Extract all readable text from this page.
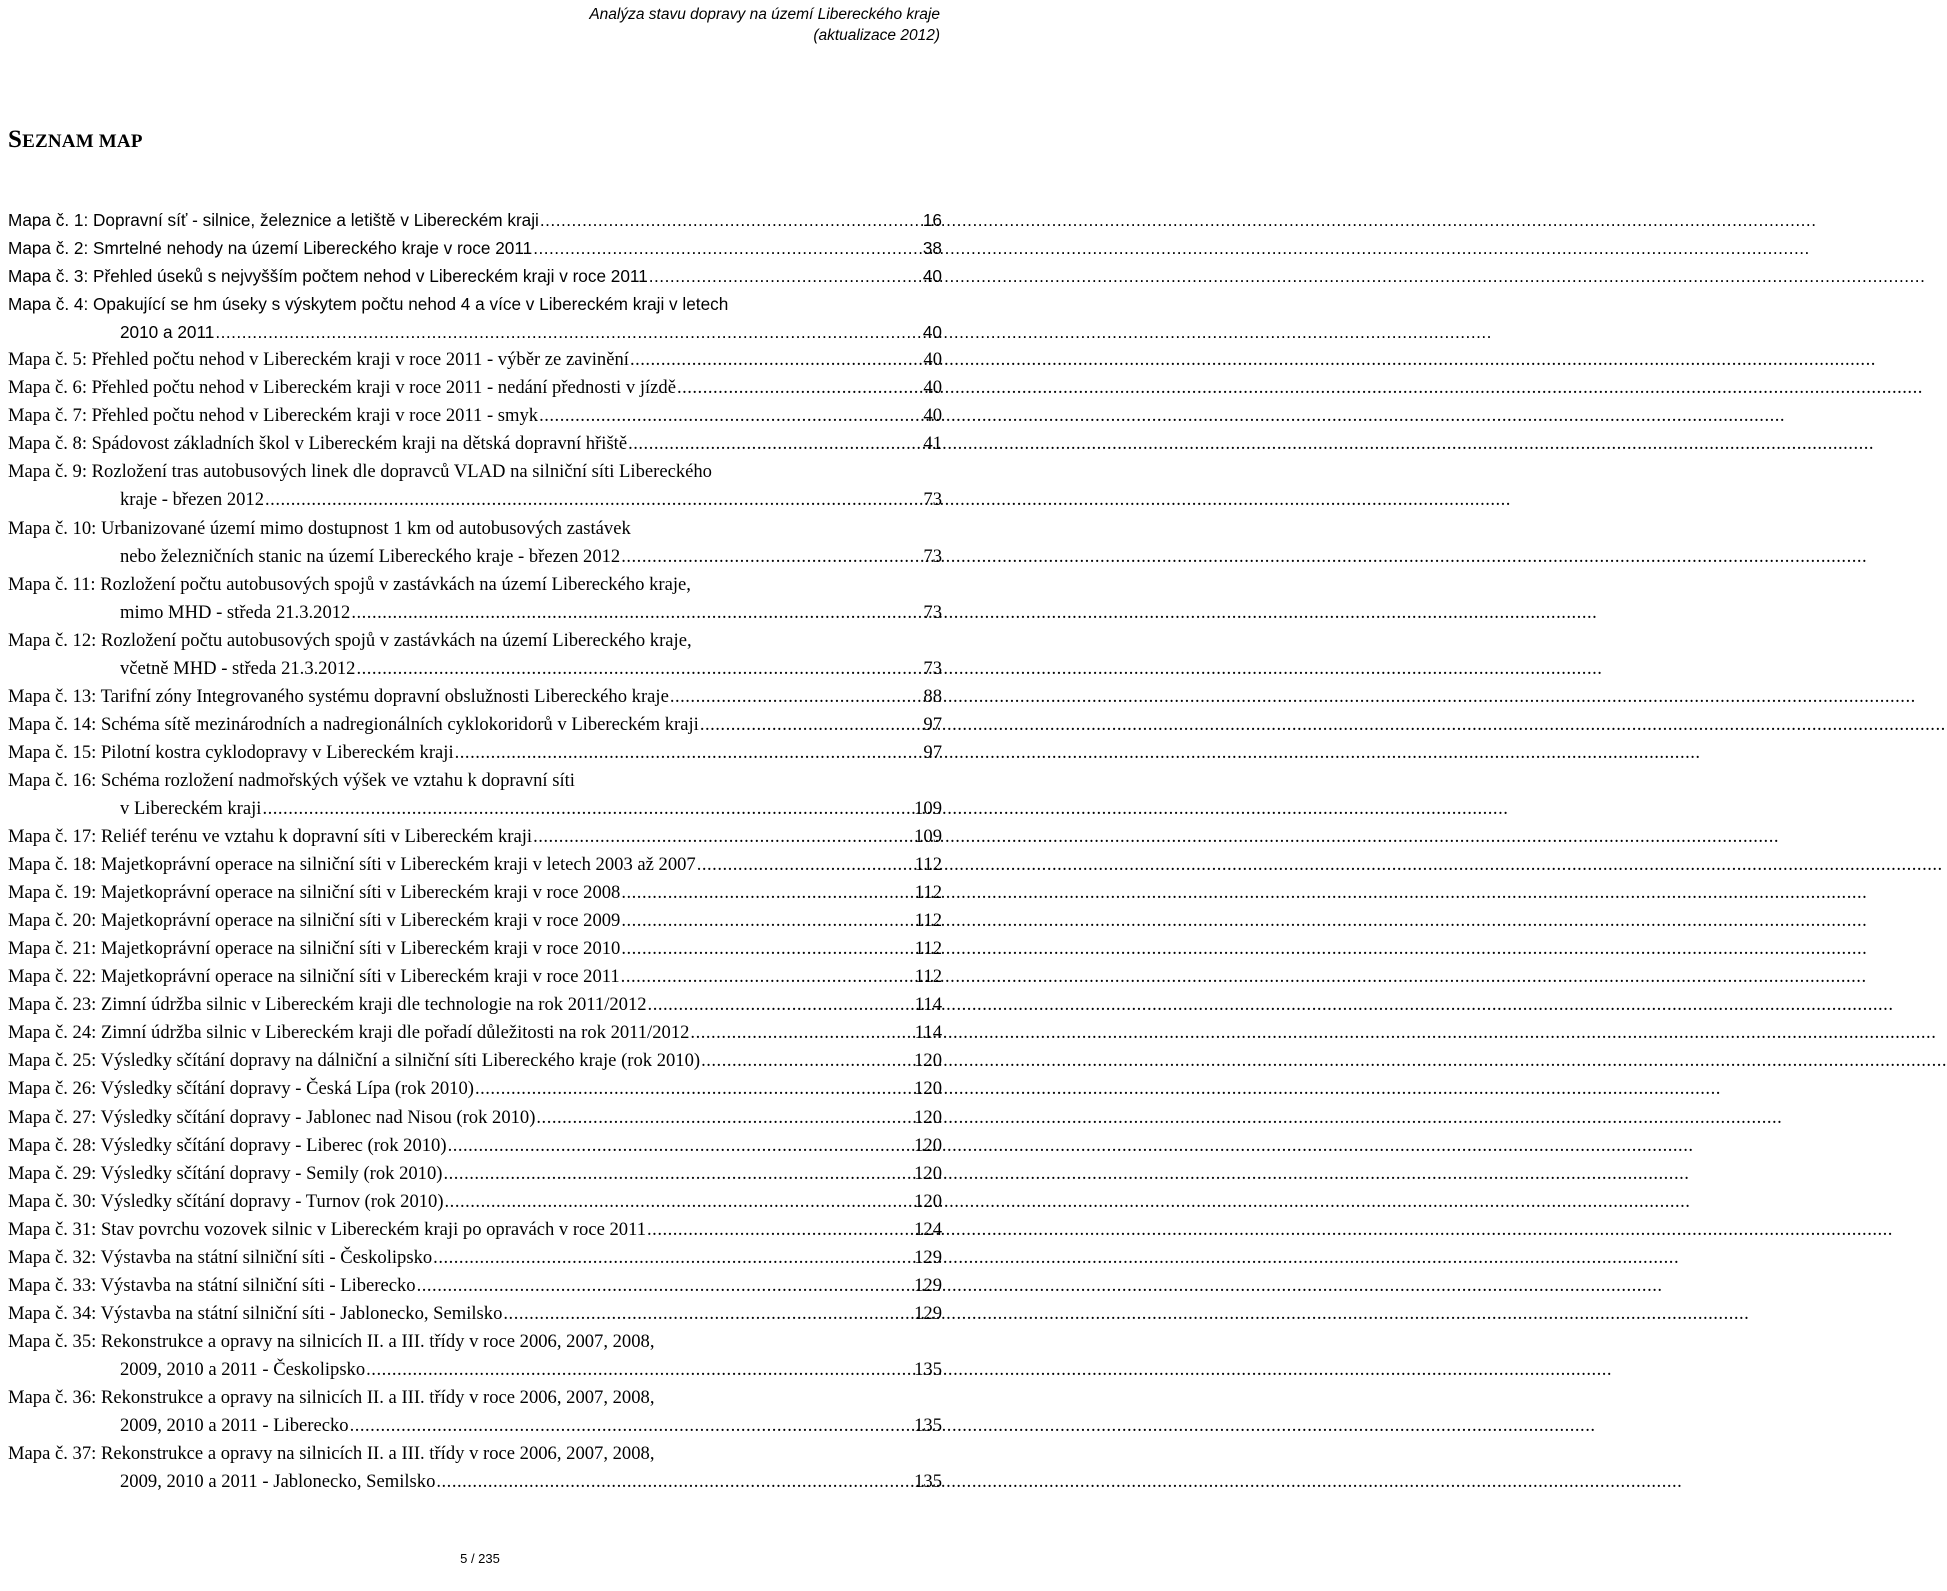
Analýza stavu dopravy na území Libereckého kraje
(aktualizace 2012)
SEZNAM MAP
Mapa č. 1: Dopravní síť - silnice, železnice a letiště v Libereckém kraji .....	16
Mapa č. 2: Smrtelné nehody na území Libereckého kraje v roce 2011 .....	38
Mapa č. 3: Přehled úseků s nejvyšším počtem nehod v Libereckém kraji v roce 2011 .....	40
Mapa č. 4: Opakující se hm úseky s výskytem počtu nehod 4 a více v Libereckém kraji v letech
2010 a 2011 .....	40
Mapa č. 5: Přehled počtu nehod v Libereckém kraji v roce 2011 - výběr ze zavinění .....	40
Mapa č. 6: Přehled počtu nehod v Libereckém kraji v roce 2011 - nedání přednosti v jízdě .....	40
Mapa č. 7: Přehled počtu nehod v Libereckém kraji v roce 2011 - smyk .....	40
Mapa č. 8: Spádovost základních škol v Libereckém kraji na dětská dopravní hřiště .....	41
Mapa č. 9: Rozložení tras autobusových linek dle dopravců VLAD na silniční síti Libereckého
kraje - březen 2012 .....	73
Mapa č. 10: Urbanizované území mimo dostupnost 1 km od autobusových zastávek
nebo železničních stanic na území Libereckého kraje - březen 2012 .....	73
Mapa č. 11: Rozložení počtu autobusových spojů v zastávkách na území Libereckého kraje,
mimo MHD - středa 21.3.2012 .....	73
Mapa č. 12: Rozložení počtu autobusových spojů v zastávkách na území Libereckého kraje,
včetně MHD - středa 21.3.2012 .....	73
Mapa č. 13: Tarifní zóny Integrovaného systému dopravní obslužnosti Libereckého kraje .....	88
Mapa č. 14: Schéma sítě mezinárodních a nadregionálních cyklokoridorů v Libereckém kraji .....	97
Mapa č. 15: Pilotní kostra cyklodopravy v Libereckém kraji .....	97
Mapa č. 16: Schéma rozložení nadmořských výšek ve vztahu k dopravní síti
v Libereckém kraji .....	109
Mapa č. 17: Reliéf terénu ve vztahu k dopravní síti v Libereckém kraji .....	109
Mapa č. 18: Majetkoprávní operace na silniční síti v Libereckém kraji v letech 2003 až 2007 .....	112
Mapa č. 19: Majetkoprávní operace na silniční síti v Libereckém kraji v roce 2008 .....	112
Mapa č. 20: Majetkoprávní operace na silniční síti v Libereckém kraji v roce 2009 .....	112
Mapa č. 21: Majetkoprávní operace na silniční síti v Libereckém kraji v roce 2010 .....	112
Mapa č. 22: Majetkoprávní operace na silniční síti v Libereckém kraji v roce 2011 .....	112
Mapa č. 23: Zimní údržba silnic v Libereckém kraji dle technologie na rok 2011/2012 .....	114
Mapa č. 24: Zimní údržba silnic v Libereckém kraji dle pořadí důležitosti na rok 2011/2012 .....	114
Mapa č. 25: Výsledky sčítání dopravy na dálniční a silniční síti Libereckého kraje (rok 2010) .....	120
Mapa č. 26: Výsledky sčítání dopravy - Česká Lípa (rok 2010) .....	120
Mapa č. 27: Výsledky sčítání dopravy - Jablonec nad Nisou (rok 2010) .....	120
Mapa č. 28: Výsledky sčítání dopravy - Liberec (rok 2010) .....	120
Mapa č. 29: Výsledky sčítání dopravy - Semily (rok 2010) .....	120
Mapa č. 30: Výsledky sčítání dopravy - Turnov (rok 2010) .....	120
Mapa č. 31: Stav povrchu vozovek silnic v Libereckém kraji po opravách v roce 2011 .....	124
Mapa č. 32: Výstavba na státní silniční síti - Českolipsko .....	129
Mapa č. 33: Výstavba na státní silniční síti - Liberecko .....	129
Mapa č. 34: Výstavba na státní silniční síti - Jablonecko, Semilsko .....	129
Mapa č. 35: Rekonstrukce a opravy na silnicích II. a III. třídy v roce 2006, 2007, 2008,
2009, 2010 a 2011 - Českolipsko .....	135
Mapa č. 36: Rekonstrukce a opravy na silnicích II. a III. třídy v roce 2006, 2007, 2008,
2009, 2010 a 2011 - Liberecko .....	135
Mapa č. 37: Rekonstrukce a opravy na silnicích II. a III. třídy v roce 2006, 2007, 2008,
2009, 2010 a 2011 - Jablonecko, Semilsko .....	135
5 / 235
